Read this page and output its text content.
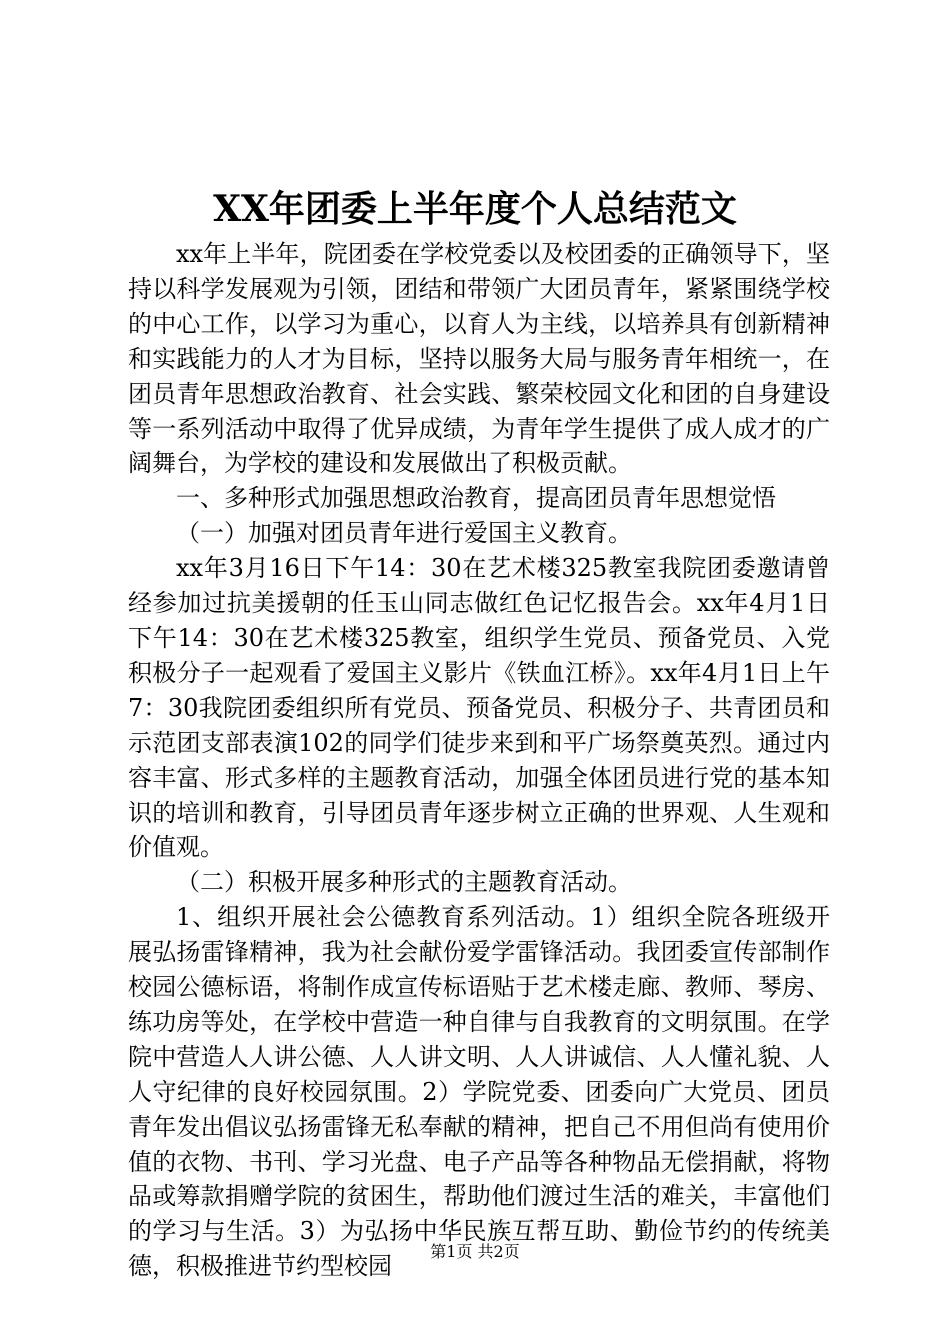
XX年团委上半年度个人总结范文

xx年上半年，院团委在学校党委以及校团委的正确领导下，坚持以科学发展观为引领，团结和带领广大团员青年，紧紧围绕学校的中心工作，以学习为重心，以育人为主线，以培养具有创新精神和实践能力的人才为目标，坚持以服务大局与服务青年相统一，在团员青年思想政治教育、社会实践、繁荣校园文化和团的自身建设等一系列活动中取得了优异成绩，为青年学生提供了成人成才的广阔舞台，为学校的建设和发展做出了积极贡献。

一、多种形式加强思想政治教育，提高团员青年思想觉悟

（一）加强对团员青年进行爱国主义教育。

xx年3月16日下午14：30在艺术楼325教室我院团委邀请曾经参加过抗美援朝的任玉山同志做红色记忆报告会。xx年4月1日下午14：30在艺术楼325教室，组织学生党员、预备党员、入党积极分子一起观看了爱国主义影片《铁血江桥》。xx年4月1日上午7：30我院团委组织所有党员、预备党员、积极分子、共青团员和示范团支部表演102的同学们徒步来到和平广场祭奠英烈。通过内容丰富、形式多样的主题教育活动，加强全体团员进行党的基本知识的培训和教育，引导团员青年逐步树立正确的世界观、人生观和价值观。

（二）积极开展多种形式的主题教育活动。

1、组织开展社会公德教育系列活动。1）组织全院各班级开展弘扬雷锋精神，我为社会献份爱学雷锋活动。我团委宣传部制作校园公德标语，将制作成宣传标语贴于艺术楼走廊、教师、琴房、练功房等处，在学校中营造一种自律与自我教育的文明氛围。在学院中营造人人讲公德、人人讲文明、人人讲诚信、人人懂礼貌、人人守纪律的良好校园氛围。2）学院党委、团委向广大党员、团员青年发出倡议弘扬雷锋无私奉献的精神，把自己不用但尚有使用价值的衣物、书刊、学习光盘、电子产品等各种物品无偿捐献，将物品或筹款捐赠学院的贫困生，帮助他们渡过生活的难关，丰富他们的学习与生活。3）为弘扬中华民族互帮互助、勤俭节约的传统美德，积极推进节约型校园

第1页 共2页
